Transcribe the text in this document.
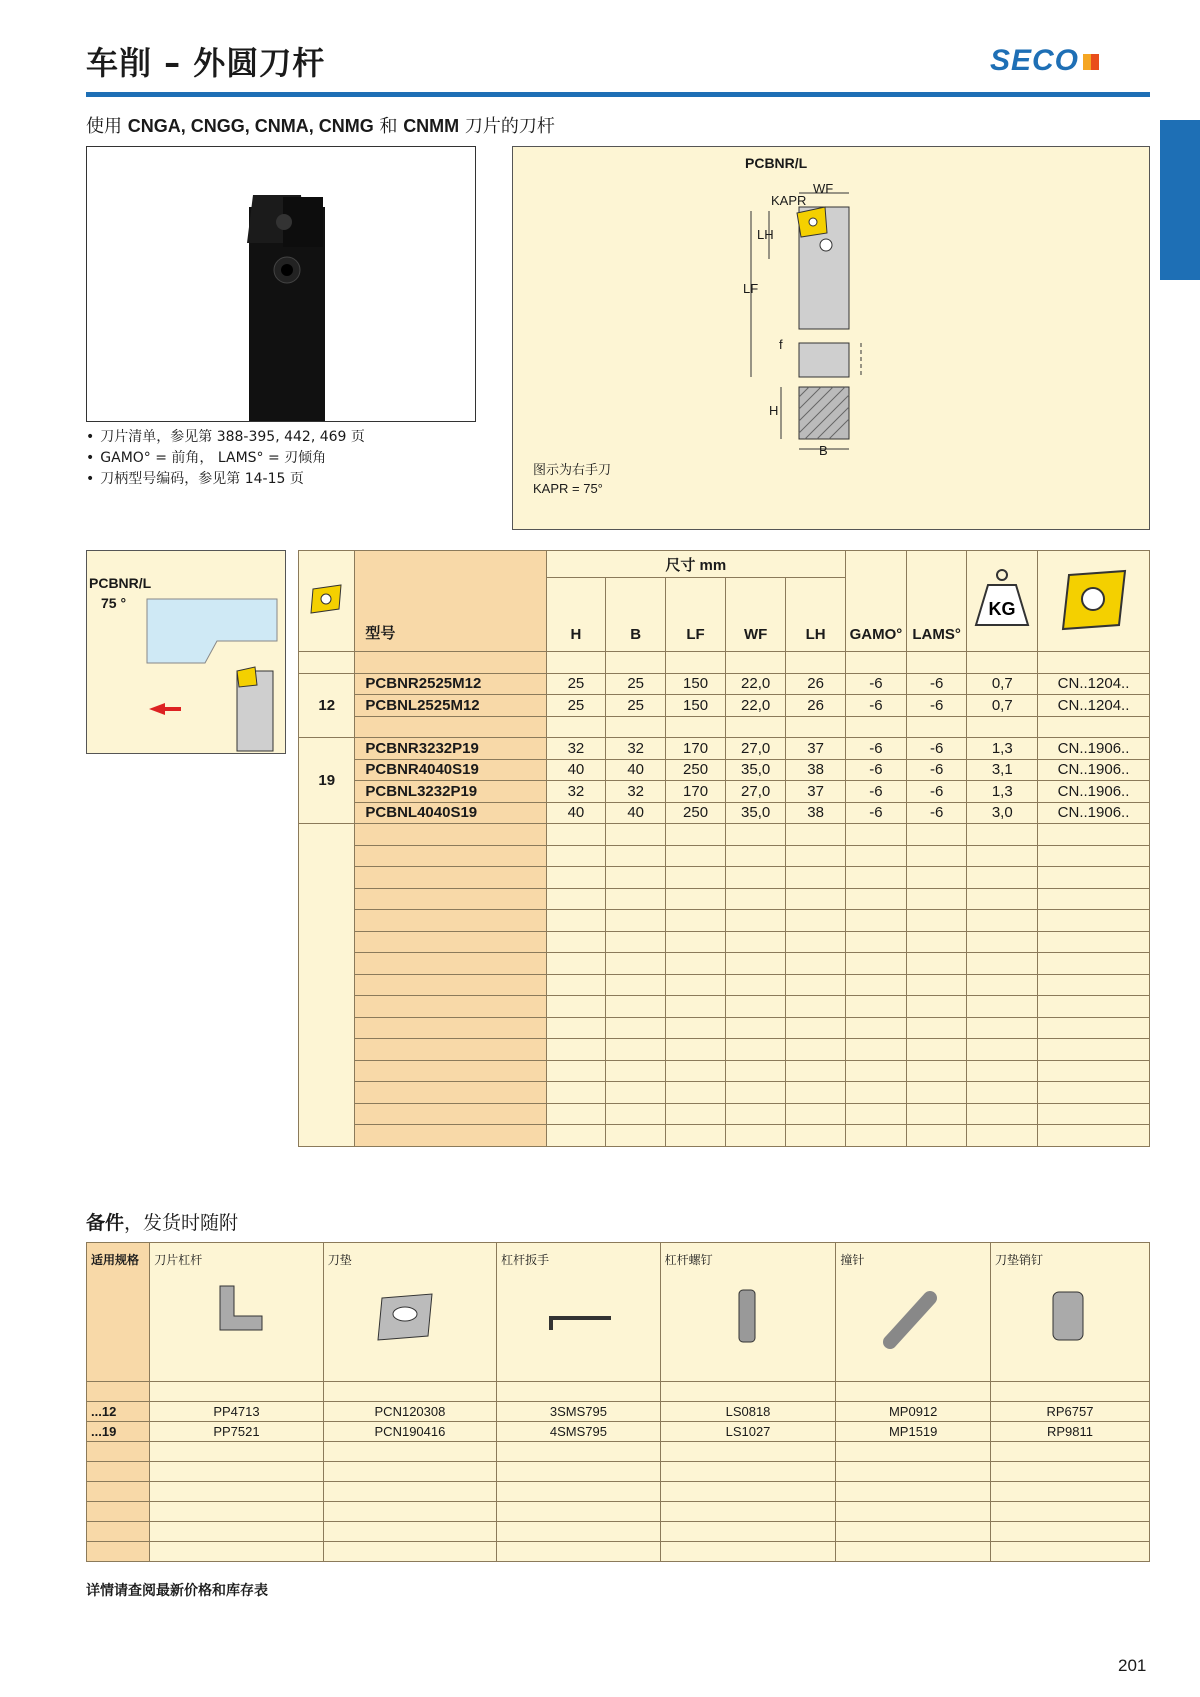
车削 – 外圆刀杆	SECO
使用 CNGA, CNGG, CNMA, CNMG 和 CNMM 刀片的刀杆
• 刀片清单，参见第 388-395, 442, 469 页
• GAMO° = 前角， LAMS° = 刃倾角
• 刀柄型号编码，参见第 14-15 页
PCBNR/L
KAPR
WF
LH
LF
f
H
B
图示为右手刀
KAPR = 75°
PCBNR/L
75 °
	型号	尺寸 mm					GAMO°	LAMS°	KG

		H	B	LF	WF	LH				

12	PCBNR2525M12	25	25	150	22,0	26	-6	-6	0,7	CN..1204..
	PCBNL2525M12	25	25	150	22,0	26	-6	-6	0,7	CN..1204..

19	PCBNR3232P19	32	32	170	27,0	37	-6	-6	1,3	CN..1906..
	PCBNR4040S19	40	40	250	35,0	38	-6	-6	3,1	CN..1906..
	PCBNL3232P19	32	32	170	27,0	37	-6	-6	1,3	CN..1906..
	PCBNL4040S19	40	40	250	35,0	38	-6	-6	3,0	CN..1906..

备件，发货时随附
适用规格	刀片杠杆	刀垫	杠杆扳手	杠杆螺钉	撞针	刀垫销钉

...12	PP4713	PCN120308	3SMS795	LS0818	MP0912	RP6757
...19	PP7521	PCN190416	4SMS795	LS1027	MP1519	RP9811

详情请查阅最新价格和库存表
201
